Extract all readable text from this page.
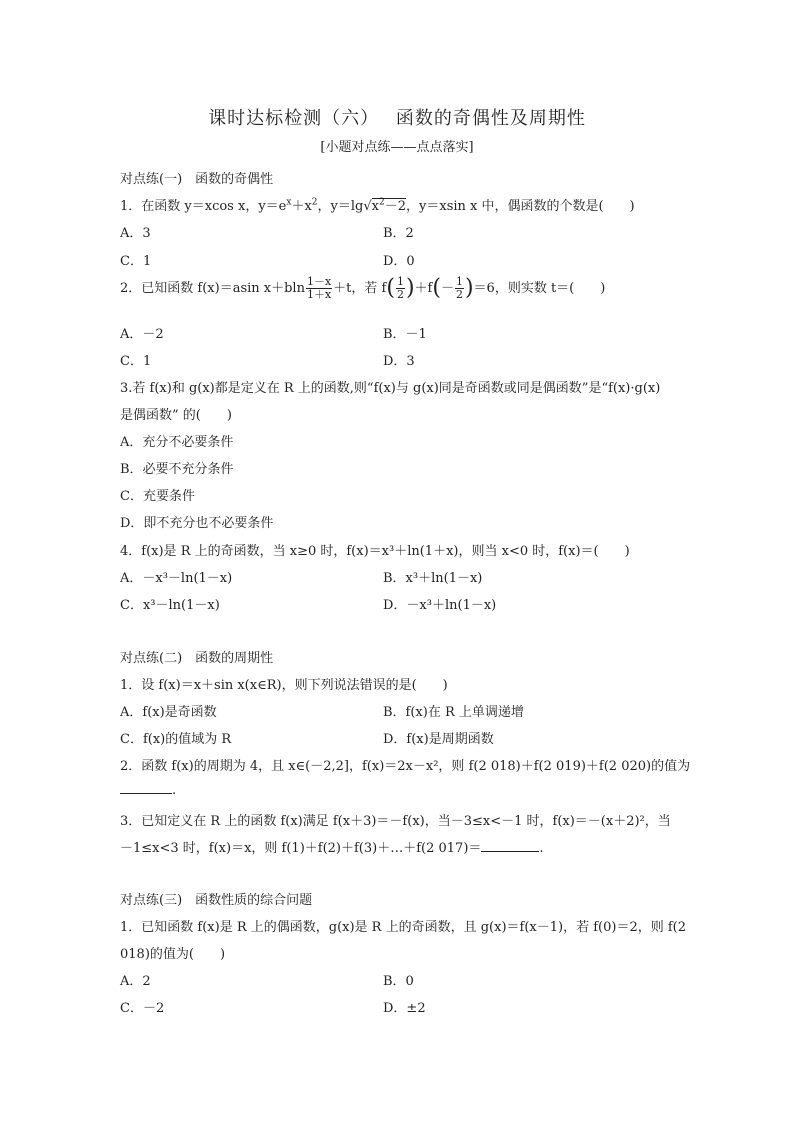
课时达标检测（六）　 函数的奇偶性及周期性
[小题对点练——点点落实]
对点练(一)　函数的奇偶性
1．在函数 y＝xcos x，$y=e^x+x^2$，$y=\lg√x^2-2$，y＝xsin x 中，偶函数的个数是(　　)
A．3	B．2
C．1	D．0
2．已知函数 f(x)＝asin $x+bln \frac{1-x}{1+x} +t$，若 $f( \frac{1}{2} )+f(- \frac{1}{2} )=6$，则实数 t＝(　　)
A．－2	B．－1
C．1	D．3
3.若 f(x)和 g(x)都是定义在 R 上的函数,则“f(x)与 g(x)同是奇函数或同是偶函数”是“f(x)·g(x)
是偶函数” 的(　　)
A．充分不必要条件
B．必要不充分条件
C．充要条件
D．即不充分也不必要条件
4．f(x)是 R 上的奇函数，当 x≥0 时，f(x)＝x³＋ln(1＋x)，则当 x<0 时，f(x)＝(　　)
A．－x³－ln(1－x)	B．x³＋ln(1－x)
C．x³－ln(1－x)	D．－x³＋ln(1－x)
对点练(二)　函数的周期性
1．设 f(x)＝x＋sin x(x∈R)，则下列说法错误的是(　　)
A．f(x)是奇函数	B．f(x)在 R 上单调递增
C．f(x)的值域为 R	D．f(x)是周期函数
2．函数 f(x)的周期为 4，且 x∈(－2,2]，f(x)＝2x－x²，则 f(2 018)＋f(2 019)＋f(2 020)的值为
.
3．已知定义在 R 上的函数 f(x)满足 f(x＋3)＝－f(x)，当－3≤x<－1 时，f(x)＝－(x＋2)²，当
－1≤x<3 时，f(x)＝x，则 f(1)＋f(2)＋f(3)＋…＋f(2 017)＝	.
对点练(三)　函数性质的综合问题
1．已知函数 f(x)是 R 上的偶函数，g(x)是 R 上的奇函数，且 g(x)＝f(x－1)，若 f(0)＝2，则 f(2
018)的值为(　　)
A．2	B．0
C．－2	D．±2
